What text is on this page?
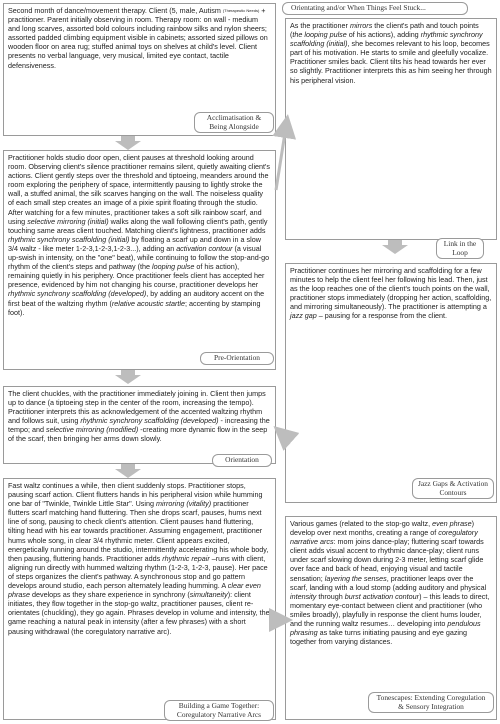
Second month of dance/movement therapy. Client (5, male, Autism $^{(Therapeutic Needs)}$ + practitioner. Parent initially observing in room. Therapy room: on wall - medium and long scarves, assorted bold colours including rainbow silks and nylon sheers; assorted padded climbing equipment visible in cabinets; assorted sized pillows on wooden floor on area rug; stuffed animal toys on shelves at child's level. Client presents no verbal language, very musical, limited eye contact, tactile defensiveness.

Acclimatisation & Being Alongside

Practitioner holds studio door open, client pauses at threshold looking around room. Observing client's silence practitioner remains silent, quietly awaiting client's actions. Client gently steps over the threshold and tiptoeing, meanders around the room exploring the periphery of space, intermittently pausing to lightly stroke the wall, a stuffed animal, the silk scarves hanging on the wall. The noiseless quality of each small step creates an image of a pixie spirit floating through the studio. After watching for a few minutes, practitioner takes a soft silk rainbow scarf, and using selective mirroring (initial) walks along the wall following client's path, gently touching same areas client touched. Matching client's lightness, practitioner adds rhythmic synchrony scaffolding (initial) by floating a scarf up and down in a slow 3/4 waltz - like meter 1-2-3,1-2-3,1-2-3...), adding an activation contour (a visual up-swish in intensity, on the "one" beat), while continuing to follow the stop-and-go rhythm of the client's steps and pathway (the looping pulse of his action), remaining quietly in his periphery. Once practitioner feels client has accepted her presence, evidenced by him not changing his course, practitioner develops her rhythmic synchrony scaffolding (developed), by adding an auditory accent on the first beat of the waltzing rhythm (relative acoustic startle; accenting by stamping foot).

Pre-Orientation

The client chuckles, with the practitioner immediately joining in. Client then jumps up to dance (a tiptoeing step in the center of the room, increasing the tempo). Practitioner interprets this as acknowledgement of the accented waltzing rhythm and follows suit, using rhythmic synchrony scaffolding (developed) - increasing the tempo; and selective mirroring (modified) -creating more dynamic flow in the seep of the scarf, then bringing her arms down slowly.

Orientation

Fast waltz continues a while, then client suddenly stops. Practitioner stops, pausing scarf action. Client flutters hands in his peripheral vision while humming one bar of "Twinkle, Twinkle Little Star". Using mirroring (vitality) practitioner flutters scarf matching hand fluttering. Then she drops scarf, pauses, hums next line of song, pausing to check client's attention. Client pauses hand fluttering, tilting head with his ear towards practitioner. Assuming engagement, practitioner hums whole song, in clear 3/4 rhythmic meter. Client appears excited, energetically running around the studio, intermittently accelerating his whole body, then pausing, fluttering hands. Practitioner adds rhythmic repair –runs with client, aligning run directly with hummed waltzing rhythm (1-2-3, 1-2-3, pause). Her pace of steps organizes the client's pathway. A synchronous stop and go pattern develops around studio, each person alternately leading humming. A clear even phrase develops as they share experience in synchrony (simultaneity): client initiates, they flow together in the stop-go waltz, practitioner pauses, client re-orientates (chuckling), they go again. Phrases develop in volume and intensity, the game reaching a natural peak in intensity (after a few phrases) with a short pausing withdrawal (the coregulatory narrative arc).

Building a Game Together: Coregulatory Narrative Arcs
Orientating and/or When Things Feel Stuck...

As the practitioner mirrors the client's path and touch points (the looping pulse of his actions), adding rhythmic synchrony scaffolding (initial), she becomes relevant to his loop, becomes part of his motivation. He starts to smile and gleefully vocalize. Practitioner smiles back. Client tilts his head towards her ever so slightly. Practitioner interprets this as him seeing her through his peripheral vision.

Link in the Loop

Practitioner continues her mirroring and scaffolding for a few minutes to help the client feel her following his lead. Then, just as the loop reaches one of the client's touch points on the wall, practitioner stops immediately (dropping her action, scaffolding, and mirroring simultaneously). The practitioner is attempting a jazz gap – pausing for a response from the client.

Jazz Gaps & Activation Contours

Various games (related to the stop-go waltz, even phrase) develop over next months, creating a range of coregulatory narrative arcs: mom joins dance-play; fluttering scarf towards client adds visual accent to rhythmic dance-play; client runs under scarf slowing down during 2-3 meter, letting scarf glide over face and back of head, enjoying visual and tactile sensation; layering the senses, practitioner leaps over the scarf, landing with a loud stomp (adding auditory and physical intensity through burst activation contour) – this leads to direct, momentary eye-contact between client and practitioner (who smiles broadly), playfully in response the client hums louder, and the running waltz resumes… developing into pendulous phrasing as take turns initiating pausing and eye gazing together from varying distances.

Tonescapes: Extending Coregulation & Sensory Integration
